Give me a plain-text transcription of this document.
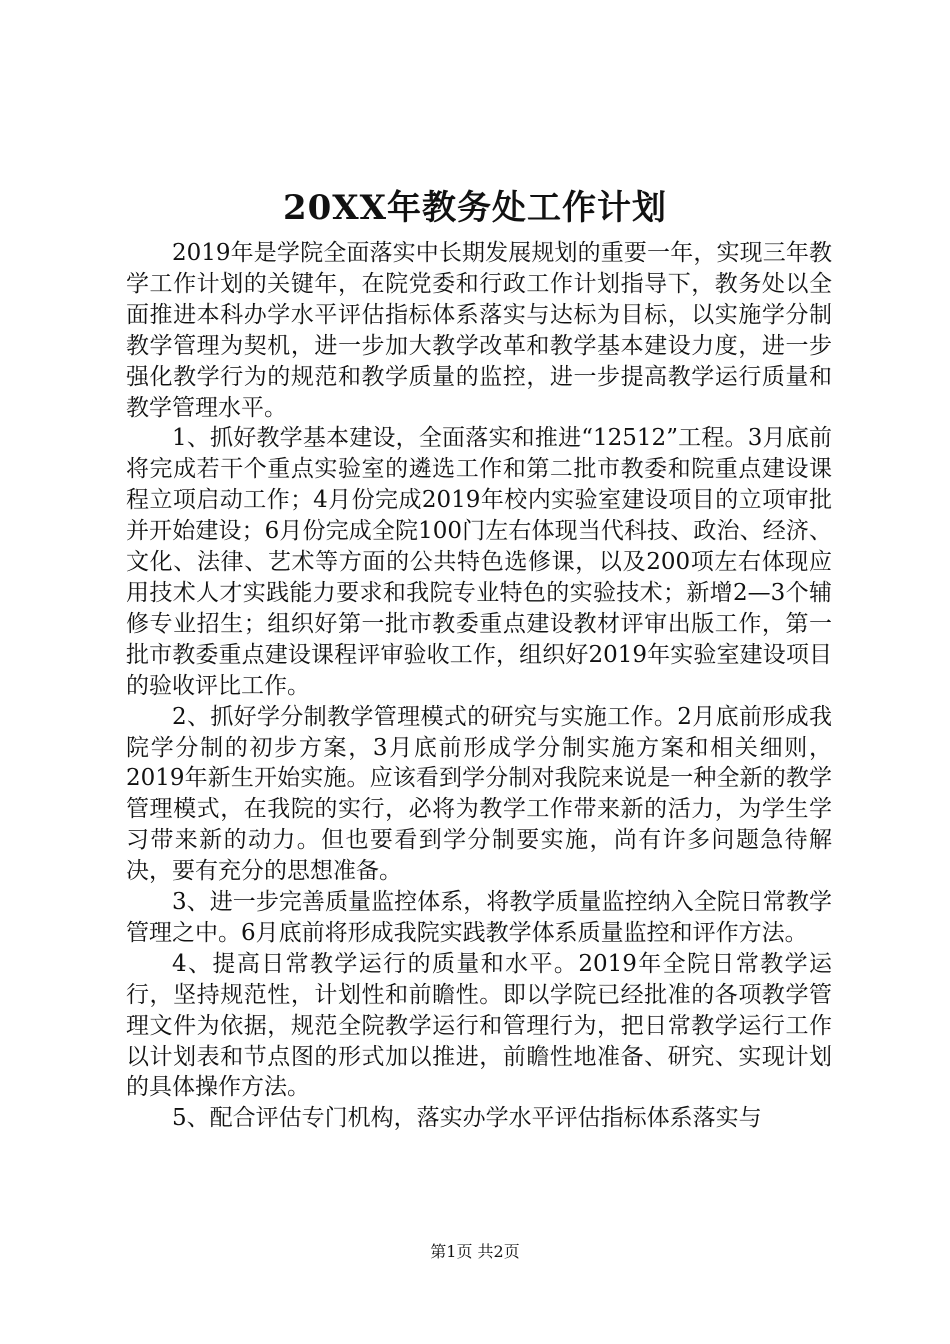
20XX年教务处工作计划

2019年是学院全面落实中长期发展规划的重要一年，实现三年教学工作计划的关键年，在院党委和行政工作计划指导下，教务处以全面推进本科办学水平评估指标体系落实与达标为目标，以实施学分制教学管理为契机，进一步加大教学改革和教学基本建设力度，进一步强化教学行为的规范和教学质量的监控，进一步提高教学运行质量和教学管理水平。

1、抓好教学基本建设，全面落实和推进“12512”工程。3月底前将完成若干个重点实验室的遴选工作和第二批市教委和院重点建设课程立项启动工作；4月份完成2019年校内实验室建设项目的立项审批并开始建设；6月份完成全院100门左右体现当代科技、政治、经济、文化、法律、艺术等方面的公共特色选修课，以及200项左右体现应用技术人才实践能力要求和我院专业特色的实验技术；新增2—3个辅修专业招生；组织好第一批市教委重点建设教材评审出版工作，第一批市教委重点建设课程评审验收工作，组织好2019年实验室建设项目的验收评比工作。

2、抓好学分制教学管理模式的研究与实施工作。2月底前形成我院学分制的初步方案，3月底前形成学分制实施方案和相关细则，2019年新生开始实施。应该看到学分制对我院来说是一种全新的教学管理模式，在我院的实行，必将为教学工作带来新的活力，为学生学习带来新的动力。但也要看到学分制要实施，尚有许多问题急待解决，要有充分的思想准备。

3、进一步完善质量监控体系，将教学质量监控纳入全院日常教学管理之中。6月底前将形成我院实践教学体系质量监控和评作方法。

4、提高日常教学运行的质量和水平。2019年全院日常教学运行，坚持规范性，计划性和前瞻性。即以学院已经批准的各项教学管理文件为依据，规范全院教学运行和管理行为，把日常教学运行工作以计划表和节点图的形式加以推进，前瞻性地准备、研究、实现计划的具体操作方法。

5、配合评估专门机构，落实办学水平评估指标体系落实与

第1页 共2页
